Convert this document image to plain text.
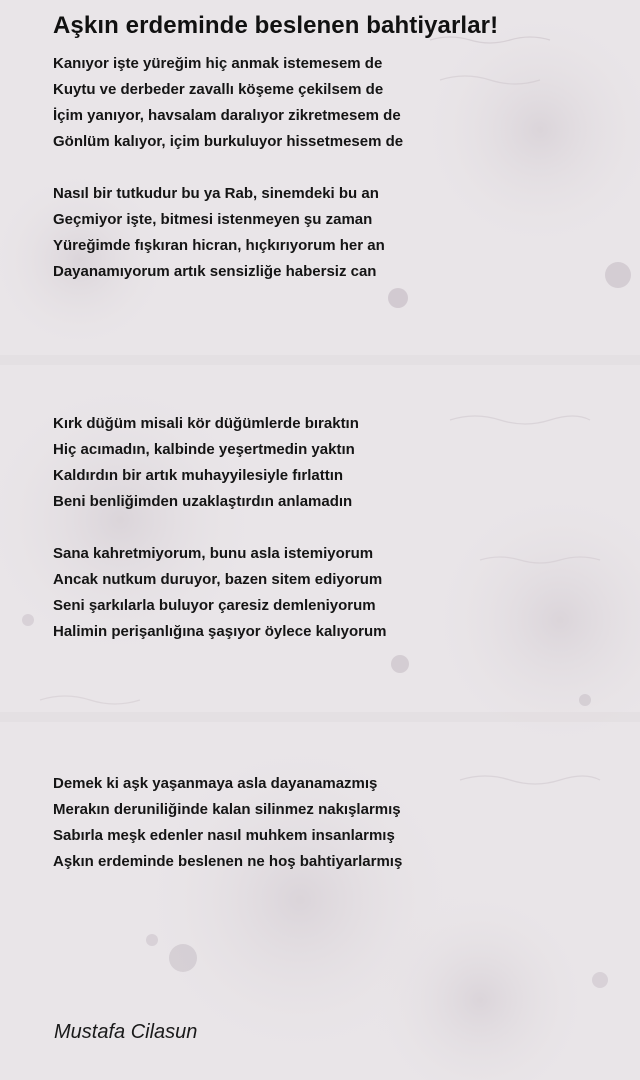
Aşkın erdeminde beslenen bahtiyarlar!
Kanıyor işte yüreğim hiç anmak istemesem de
Kuytu ve derbeder zavallı köşeme çekilsem de
İçim yanıyor, havsalam daralıyor zikretmesem de
Gönlüm kalıyor, içim burkuluyor hissetmesem de
Nasıl bir tutkudur bu ya Rab, sinemdeki bu an
Geçmiyor işte, bitmesi istenmeyen şu zaman
Yüreğimde fışkıran hicran, hıçkırıyorum her an
Dayanamıyorum artık sensizliğe habersiz can
Kırk düğüm misali kör düğümlerde bıraktın
Hiç acımadın, kalbinde yeşertmedin yaktın
Kaldırdın bir artık muhayyilesiyle fırlattın
Beni benliğimden uzaklaştırdın anlamadın
Sana kahretmiyorum, bunu asla istemiyorum
Ancak nutkum duruyor, bazen sitem ediyorum
Seni şarkılarla buluyor çaresiz demleniyorum
Halimin perişanlığına şaşıyor öylece kalıyorum
Demek ki aşk yaşanmaya asla dayanamazmış
Merakın deruniliğinde kalan silinmez nakışlarmış
Sabırla meşk edenler nasıl muhkem insanlarmış
Aşkın erdeminde beslenen ne hoş bahtiyarlarmış
Mustafa Cilasun
